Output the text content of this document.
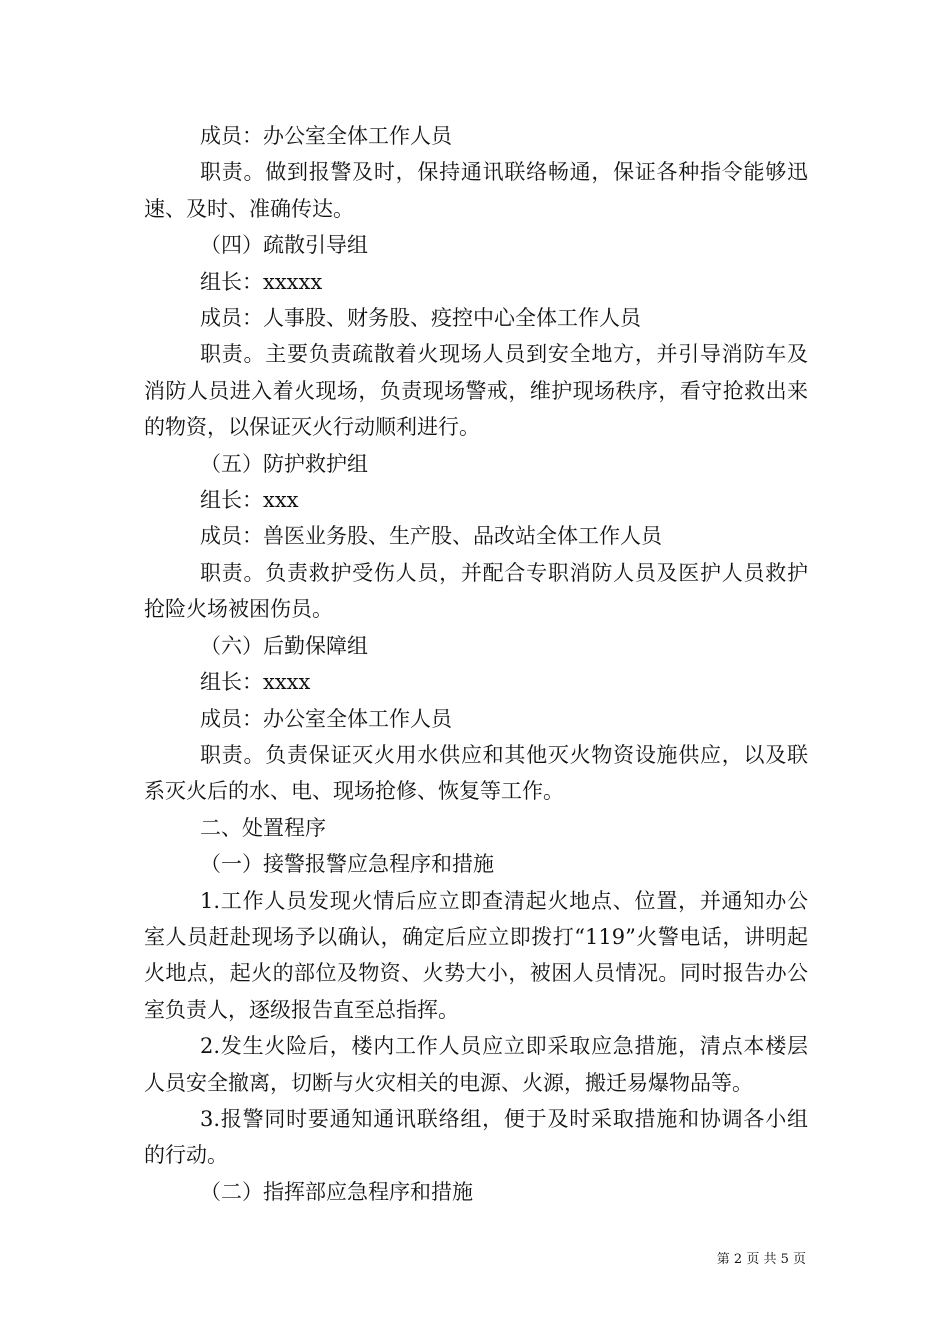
成员：办公室全体工作人员

职责。做到报警及时，保持通讯联络畅通，保证各种指令能够迅速、及时、准确传达。

（四）疏散引导组

组长：xxxxx

成员：人事股、财务股、疫控中心全体工作人员

职责。主要负责疏散着火现场人员到安全地方，并引导消防车及消防人员进入着火现场，负责现场警戒，维护现场秩序，看守抢救出来的物资，以保证灭火行动顺利进行。

（五）防护救护组

组长：xxx

成员：兽医业务股、生产股、品改站全体工作人员

职责。负责救护受伤人员，并配合专职消防人员及医护人员救护抢险火场被困伤员。

（六）后勤保障组

组长：xxxx

成员：办公室全体工作人员

职责。负责保证灭火用水供应和其他灭火物资设施供应，以及联系灭火后的水、电、现场抢修、恢复等工作。

二、处置程序

（一）接警报警应急程序和措施

1.工作人员发现火情后应立即查清起火地点、位置，并通知办公室人员赶赴现场予以确认，确定后应立即拨打“119”火警电话，讲明起火地点，起火的部位及物资、火势大小，被困人员情况。同时报告办公室负责人，逐级报告直至总指挥。

2.发生火险后，楼内工作人员应立即采取应急措施，清点本楼层人员安全撤离，切断与火灾相关的电源、火源，搬迁易爆物品等。

3.报警同时要通知通讯联络组，便于及时采取措施和协调各小组的行动。

（二）指挥部应急程序和措施

第 2 页 共 5 页
